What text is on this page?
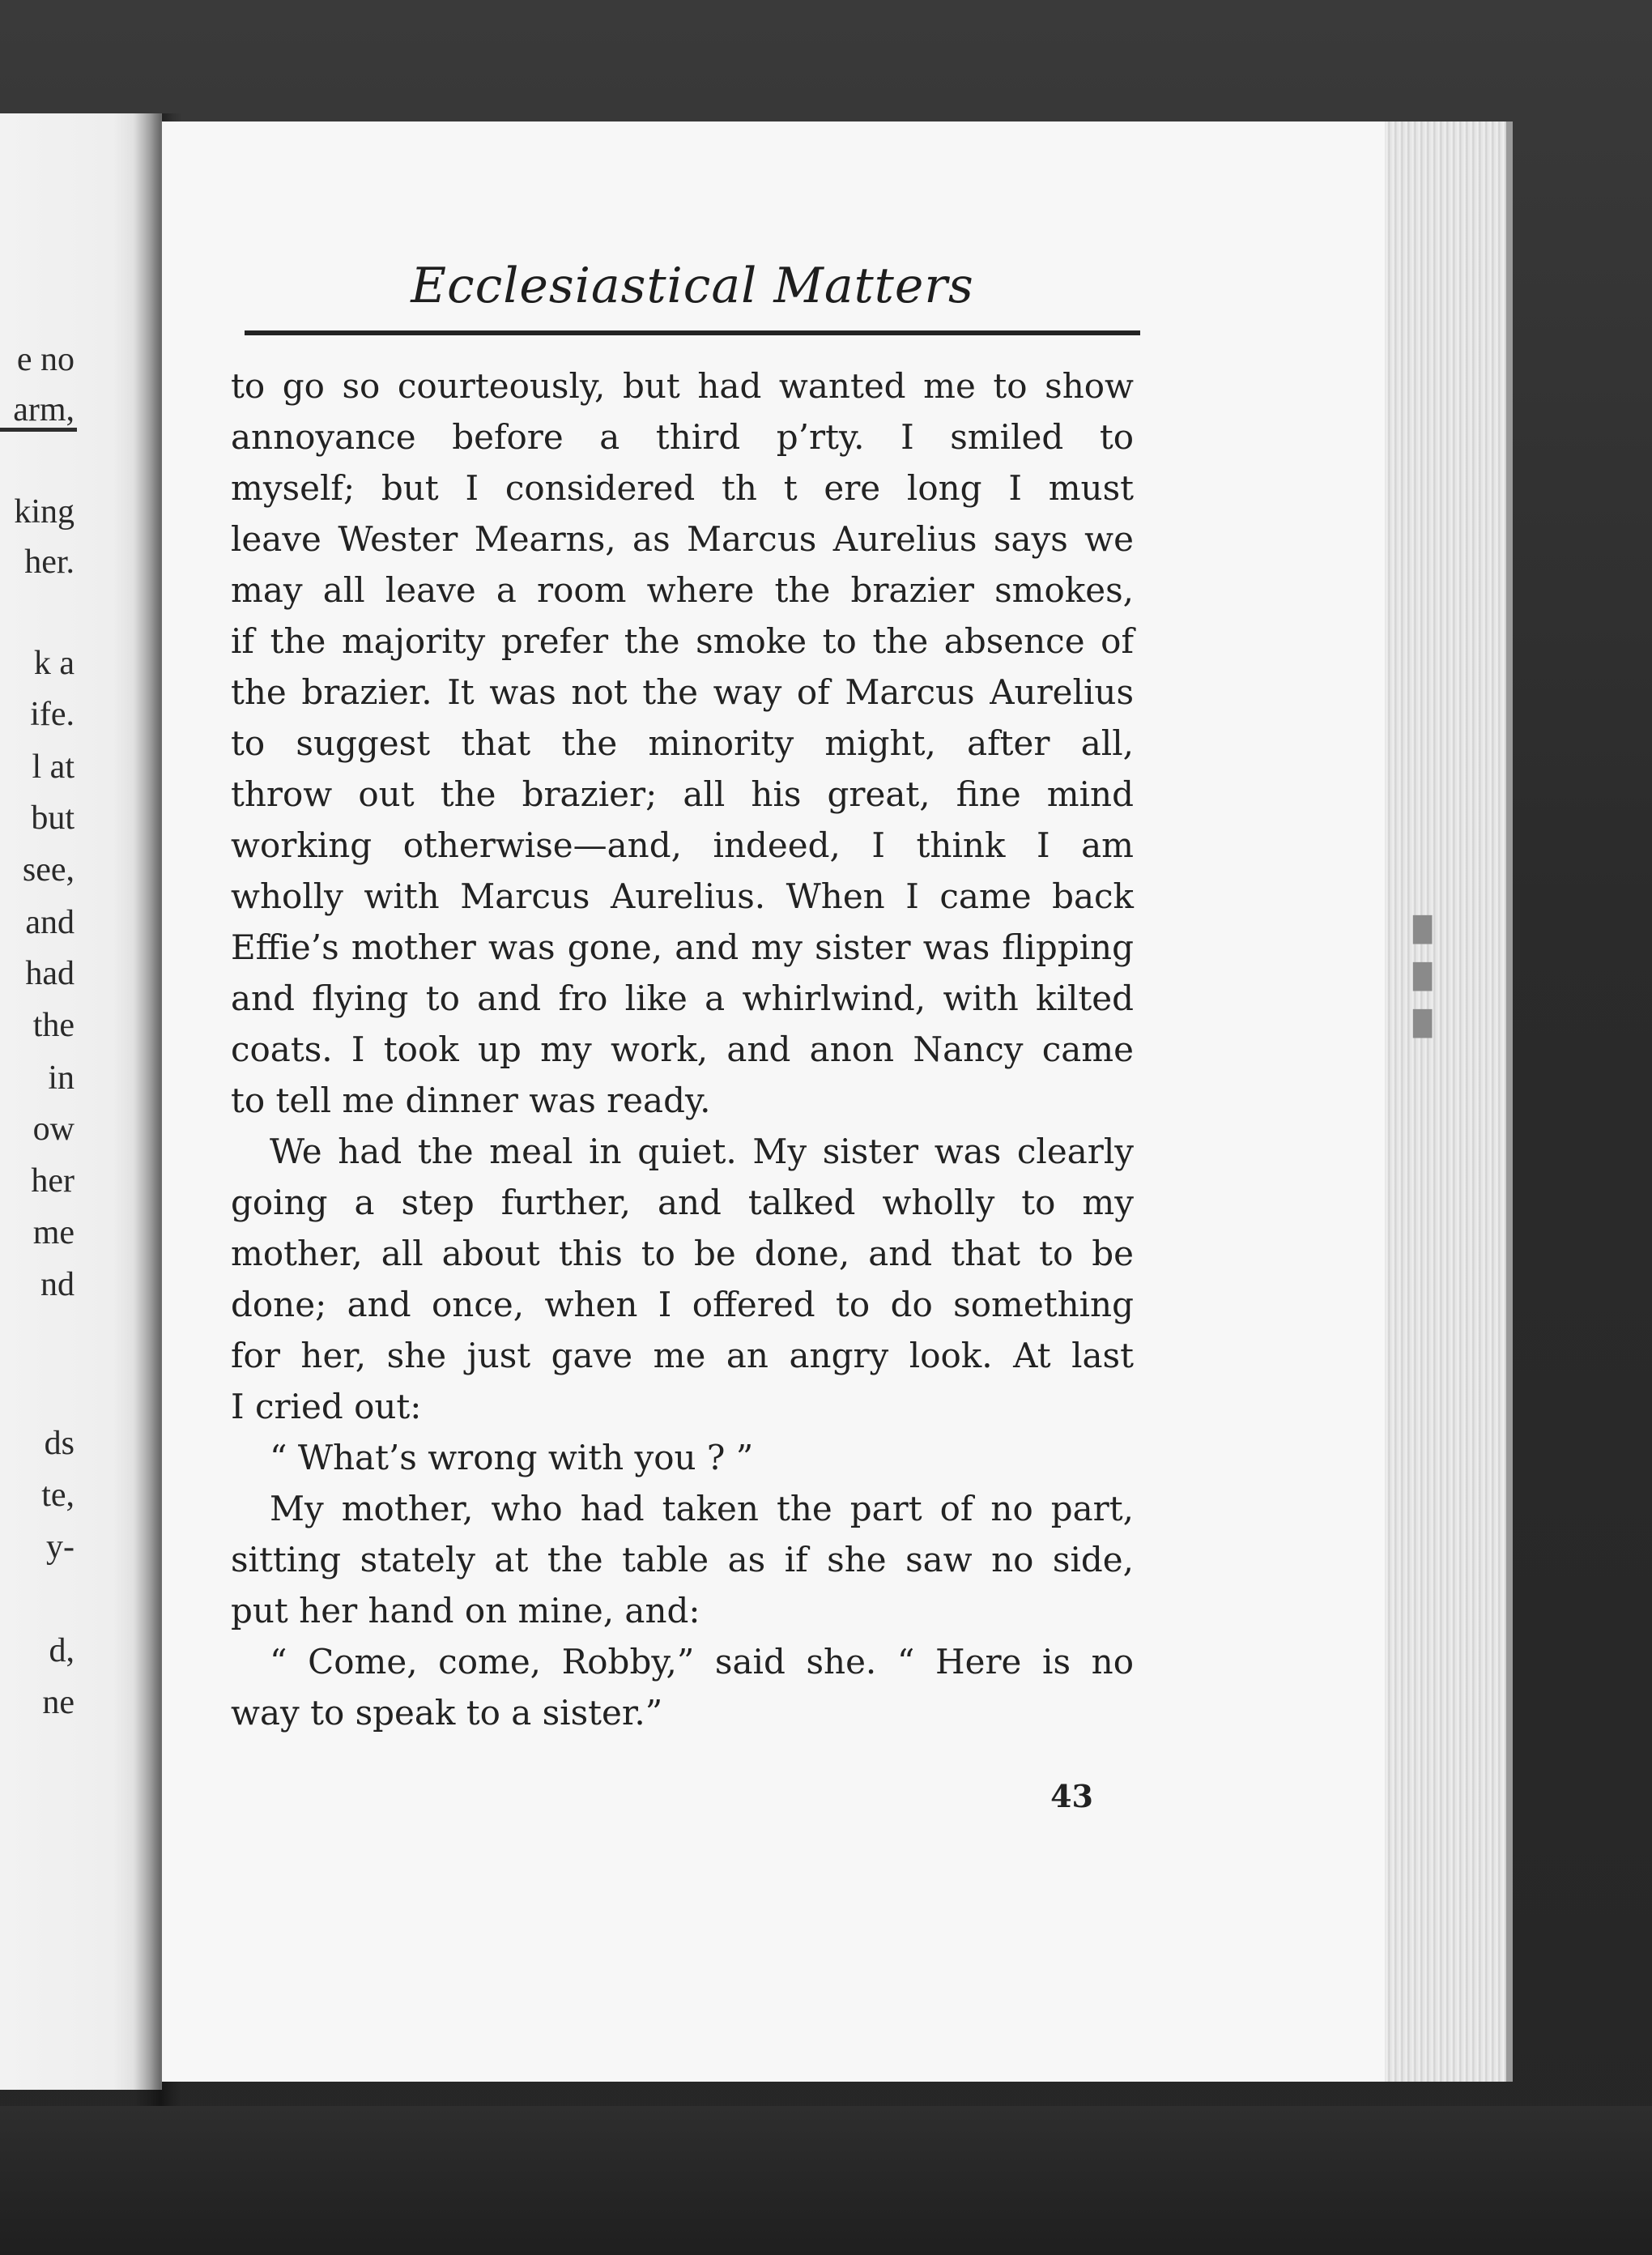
e no
arm,
king
her.
k a
ife.
l at
but
see,
and
had
the
in
ow
her
me
nd
ds
te,
y-
d,
ne
█
█
█
Ecclesiastical Matters
to go so courteously, but had wanted me to show
annoyance before a third p’rty. I smiled to
myself; but I considered th t ere long I must
leave Wester Mearns, as Marcus Aurelius says we
may all leave a room where the brazier smokes,
if the majority prefer the smoke to the absence of
the brazier. It was not the way of Marcus Aurelius
to suggest that the minority might, after all,
throw out the brazier; all his great, fine mind
working otherwise—and, indeed, I think I am
wholly with Marcus Aurelius. When I came back
Effie’s mother was gone, and my sister was flipping
and flying to and fro like a whirlwind, with kilted
coats. I took up my work, and anon Nancy came
to tell me dinner was ready.
We had the meal in quiet. My sister was clearly
going a step further, and talked wholly to my
mother, all about this to be done, and that to be
done; and once, when I offered to do something
for her, she just gave me an angry look. At last
I cried out:
“ What’s wrong with you ? ”
My mother, who had taken the part of no part,
sitting stately at the table as if she saw no side,
put her hand on mine, and:
“ Come, come, Robby,” said she. “ Here is no
way to speak to a sister.”
43
